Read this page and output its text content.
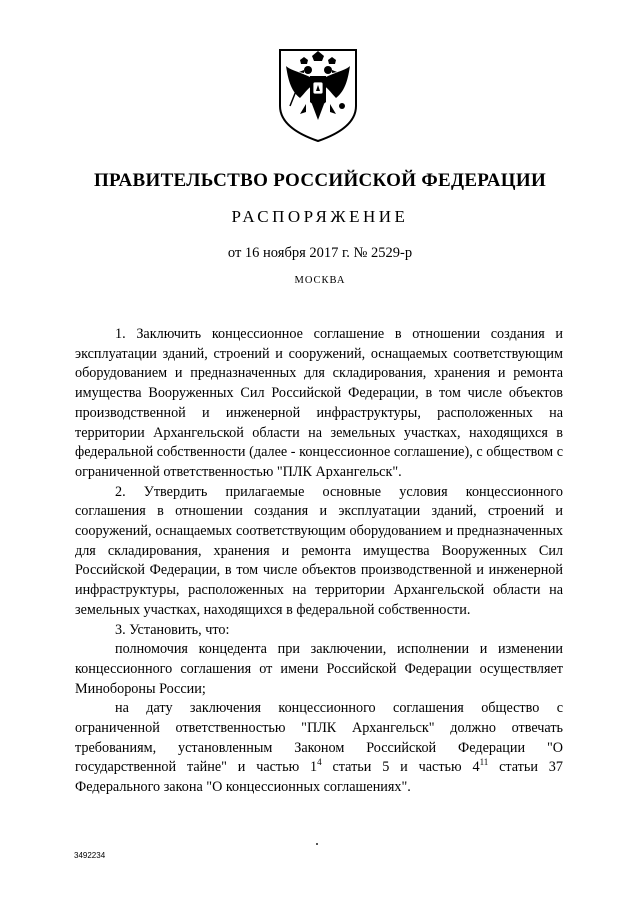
ПРАВИТЕЛЬСТВО РОССИЙСКОЙ ФЕДЕРАЦИИ
РАСПОРЯЖЕНИЕ
от 16 ноября 2017 г. № 2529-р
МОСКВА

1. Заключить концессионное соглашение в отношении создания и эксплуатации зданий, строений и сооружений, оснащаемых соответствующим оборудованием и предназначенных для складирования, хранения и ремонта имущества Вооруженных Сил Российской Федерации, в том числе объектов производственной и инженерной инфраструктуры, расположенных на территории Архангельской области на земельных участках, находящихся в федеральной собственности (далее - концессионное соглашение), с обществом с ограниченной ответственностью "ПЛК Архангельск".

2. Утвердить прилагаемые основные условия концессионного соглашения в отношении создания и эксплуатации зданий, строений и сооружений, оснащаемых соответствующим оборудованием и предназначенных для складирования, хранения и ремонта имущества Вооруженных Сил Российской Федерации, в том числе объектов производственной и инженерной инфраструктуры, расположенных на территории Архангельской области на земельных участках, находящихся в федеральной собственности.

3. Установить, что:

полномочия концедента при заключении, исполнении и изменении концессионного соглашения от имени Российской Федерации осуществляет Минобороны России;

на дату заключения концессионного соглашения общество с ограниченной ответственностью "ПЛК Архангельск" должно отвечать требованиям, установленным Законом Российской Федерации "О государственной тайне" и частью $1^4$ статьи 5 и частью $4^{11}$ статьи 37 Федерального закона "О концессионных соглашениях".

3492234
